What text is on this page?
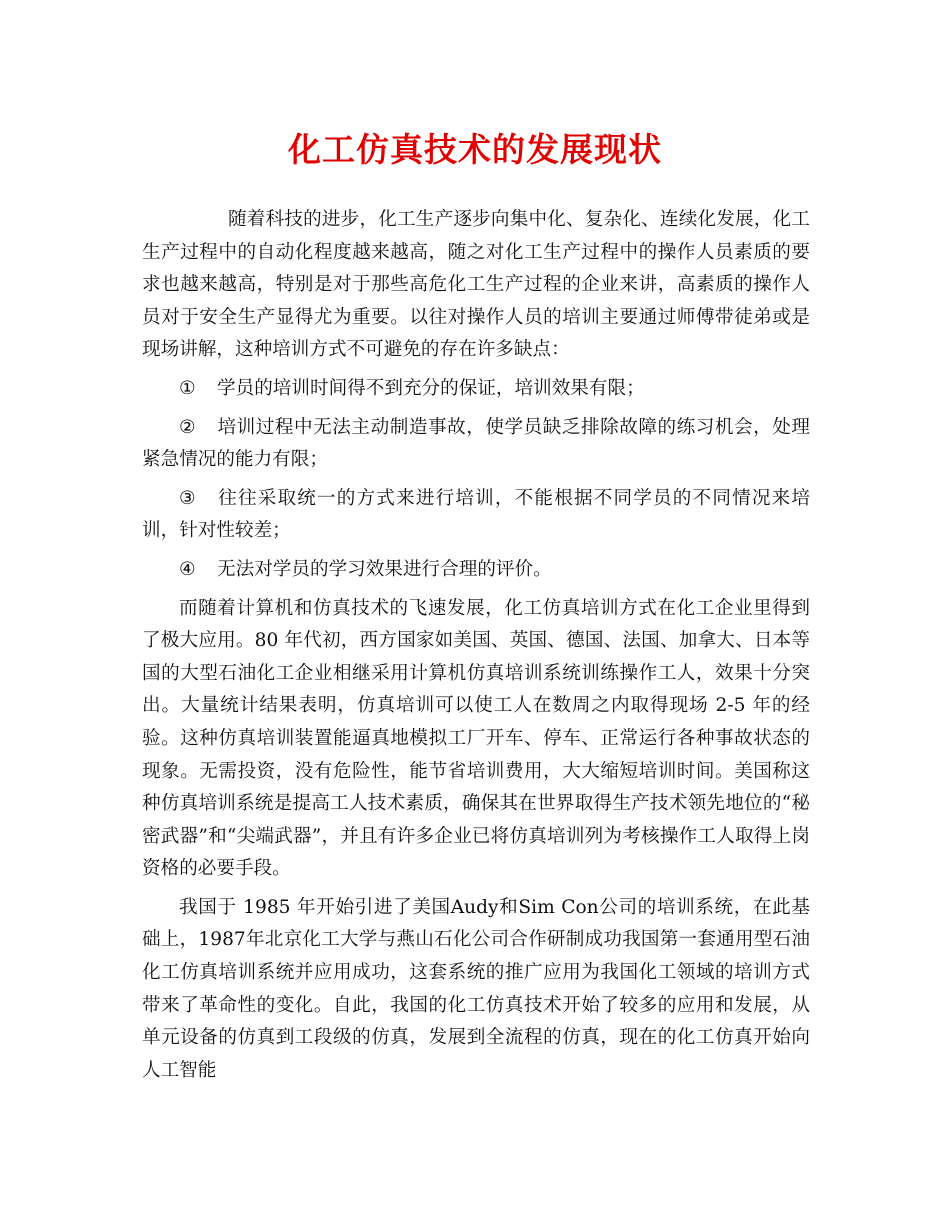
化工仿真技术的发展现状

随着科技的进步，化工生产逐步向集中化、复杂化、连续化发展，化工生产过程中的自动化程度越来越高，随之对化工生产过程中的操作人员素质的要求也越来越高，特别是对于那些高危化工生产过程的企业来讲，高素质的操作人员对于安全生产显得尤为重要。以往对操作人员的培训主要通过师傅带徒弟或是现场讲解，这种培训方式不可避免的存在许多缺点：

① 学员的培训时间得不到充分的保证，培训效果有限；

② 培训过程中无法主动制造事故，使学员缺乏排除故障的练习机会，处理紧急情况的能力有限；

③ 往往采取统一的方式来进行培训，不能根据不同学员的不同情况来培训，针对性较差；

④ 无法对学员的学习效果进行合理的评价。

而随着计算机和仿真技术的飞速发展，化工仿真培训方式在化工企业里得到了极大应用。80 年代初，西方国家如美国、英国、德国、法国、加拿大、日本等国的大型石油化工企业相继采用计算机仿真培训系统训练操作工人，效果十分突出。大量统计结果表明，仿真培训可以使工人在数周之内取得现场 2-5 年的经验。这种仿真培训装置能逼真地模拟工厂开车、停车、正常运行各种事故状态的现象。无需投资，没有危险性，能节省培训费用，大大缩短培训时间。美国称这种仿真培训系统是提高工人技术素质，确保其在世界取得生产技术领先地位的“秘密武器”和“尖端武器”，并且有许多企业已将仿真培训列为考核操作工人取得上岗资格的必要手段。

我国于 1985 年开始引进了美国Audy和Sim Con公司的培训系统，在此基础上，1987年北京化工大学与燕山石化公司合作研制成功我国第一套通用型石油化工仿真培训系统并应用成功，这套系统的推广应用为我国化工领域的培训方式带来了革命性的变化。自此，我国的化工仿真技术开始了较多的应用和发展，从单元设备的仿真到工段级的仿真，发展到全流程的仿真，现在的化工仿真开始向人工智能
